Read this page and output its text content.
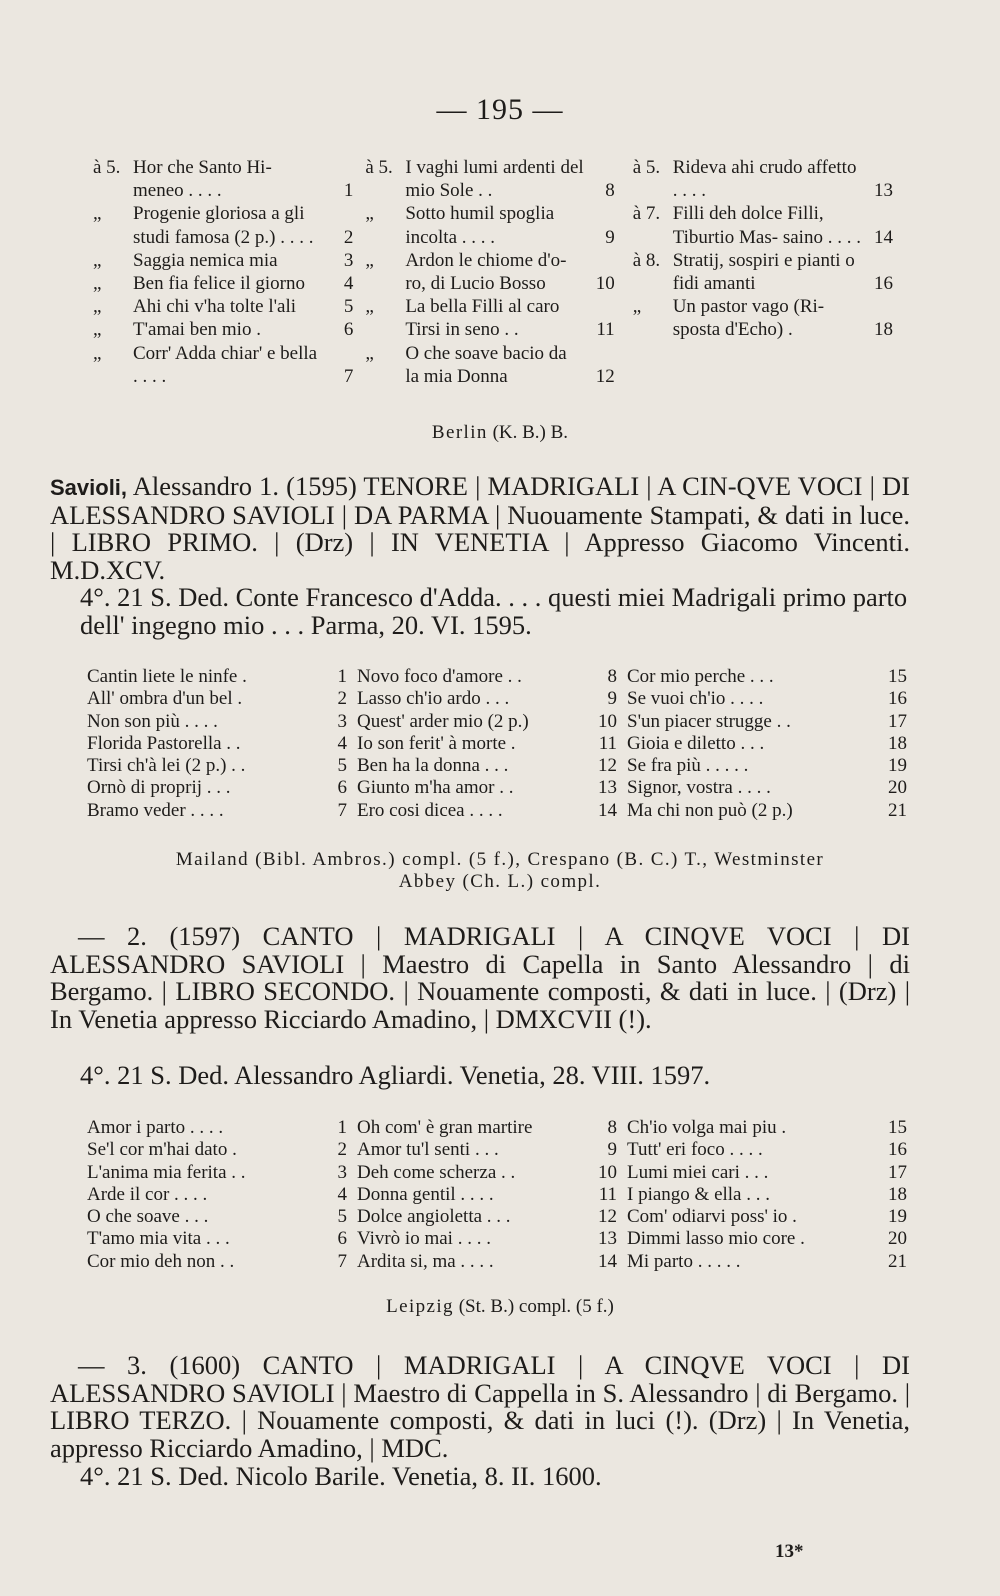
— 195 —
à 5. Hor che Santo Hi- meneo . . . .	1
„ Progenie gloriosa a gli studi famosa (2 p.) . . . .	2
„ Saggia nemica mia	3
„ Ben fia felice il giorno	4
„ Ahi chi v'ha tolte l'ali	5
„ T'amai ben mio .	6
„ Corr' Adda chiar' e bella . . . .	7
à 5. I vaghi lumi ardenti del mio Sole . .	8
„ Sotto humil spoglia incolta . . . .	9
„ Ardon le chiome d'o- ro, di Lucio Bosso	10
„ La bella Filli al caro Tirsi in seno . .	11
„ O che soave bacio da la mia Donna	12
à 5. Rideva ahi crudo affetto . . . .	13
à 7. Filli deh dolce Filli, Tiburtio Mas- saino . . . . 14
à 8. Stratij, sospiri e pianti o fidi amanti	16
„ Un pastor vago (Ri- sposta d'Echo) .	18
Berlin (K. B.) B.
Savioli, Alessandro 1. (1595) TENORE | MADRIGALI | A CIN-QVE VOCI | DI ALESSANDRO SAVIOLI | DA PARMA | Nuouamente Stampati, & dati in luce. | LIBRO PRIMO. | (Drz) | IN VENETIA | Appresso Giacomo Vincenti. M.D.XCV.
4°. 21 S. Ded. Conte Francesco d'Adda. . . . questi miei Madrigali primo parto dell' ingegno mio . . . Parma, 20. VI. 1595.
Cantin liete le ninfe .	1
All' ombra d'un bel .	2
Non son più . . . .	3
Florida Pastorella . .	4
Tirsi ch'à lei (2 p.) . .	5
Ornò di proprij . . .	6
Bramo veder . . . .	7
Novo foco d'amore . .	8
Lasso ch'io ardo . . .	9
Quest' arder mio (2 p.)	10
Io son ferit' à morte .	11
Ben ha la donna . . .	12
Giunto m'ha amor . .	13
Ero cosi dicea . . . .	14
Cor mio perche . . .	15
Se vuoi ch'io . . . .	16
S'un piacer strugge . .	17
Gioia e diletto . . .	18
Se fra più . . . . .	19
Signor, vostra . . . .	20
Ma chi non può (2 p.)	21
Mailand (Bibl. Ambros.) compl. (5 f.), Crespano (B. C.) T., Westminster
Abbey (Ch. L.) compl.
— 2. (1597) CANTO | MADRIGALI | A CINQVE VOCI | DI ALESSANDRO SAVIOLI | Maestro di Capella in Santo Alessandro | di Bergamo. | LIBRO SECONDO. | Nouamente composti, & dati in luce. | (Drz) | In Venetia appresso Ricciardo Amadino, | DMXCVII (!).
4°. 21 S. Ded. Alessandro Agliardi. Venetia, 28. VIII. 1597.
Amor i parto . . . .	1
Se'l cor m'hai dato .	2
L'anima mia ferita . .	3
Arde il cor . . . .	4
O che soave . . .	5
T'amo mia vita . . .	6
Cor mio deh non . .	7
Oh com' è gran martire	8
Amor tu'l senti . . .	9
Deh come scherza . .	10
Donna gentil . . . .	11
Dolce angioletta . . .	12
Vivrò io mai . . . .	13
Ardita si, ma . . . .	14
Ch'io volga mai piu .	15
Tutt' eri foco . . . .	16
Lumi miei cari . . .	17
I piango & ella . . .	18
Com' odiarvi poss' io .	19
Dimmi lasso mio core .	20
Mi parto . . . . .	21
Leipzig (St. B.) compl. (5 f.)
— 3. (1600) CANTO | MADRIGALI | A CINQVE VOCI | DI ALESSANDRO SAVIOLI | Maestro di Cappella in S. Alessandro | di Bergamo. | LIBRO TERZO. | Nouamente composti, & dati in luci (!). (Drz) | In Venetia, appresso Ricciardo Amadino, | MDC.
4°. 21 S. Ded. Nicolo Barile. Venetia, 8. II. 1600.
13*
